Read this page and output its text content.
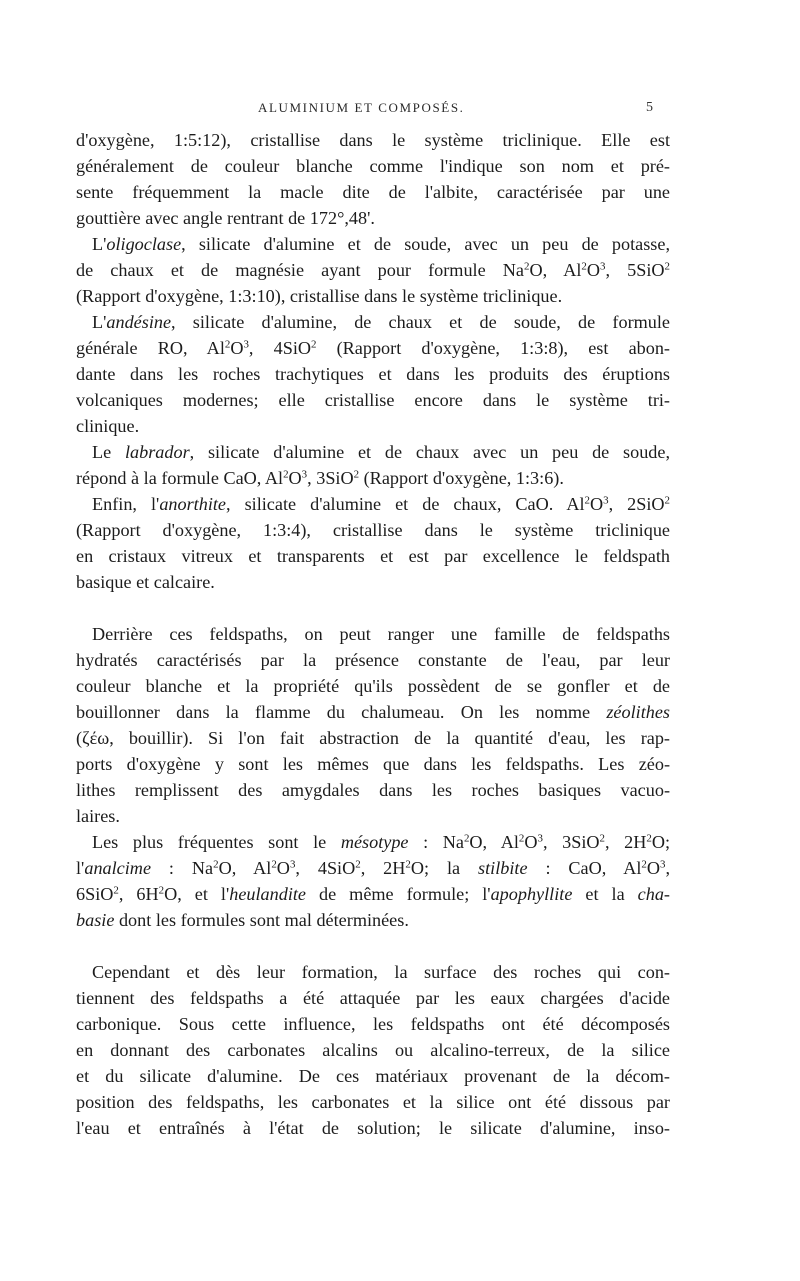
ALUMINIUM ET COMPOSÉS.	5
d'oxygène, 1:5:12), cristallise dans le système triclinique. Elle est
généralement de couleur blanche comme l'indique son nom et pré-
sente fréquemment la macle dite de l'albite, caractérisée par une
gouttière avec angle rentrant de 172°,48'.
L'oligoclase, silicate d'alumine et de soude, avec un peu de potasse,
de chaux et de magnésie ayant pour formule Na$^2$O, $Al^2O^3$, 5SiO$^2$
(Rapport d'oxygène, 1:3:10), cristallise dans le système triclinique.
L'andésine, silicate d'alumine, de chaux et de soude, de formule
générale RO, $Al^2O^3$, 4SiO$^2$ (Rapport d'oxygène, 1:3:8), est abon-
dante dans les roches trachytiques et dans les produits des éruptions
volcaniques modernes; elle cristallise encore dans le système tri-
clinique.
Le labrador, silicate d'alumine et de chaux avec un peu de soude,
répond à la formule CaO, $Al^2O^3$, 3SiO$^2$ (Rapport d'oxygène, 1:3:6).
Enfin, l'anorthite, silicate d'alumine et de chaux, CaO. $Al^2O^3$, 2SiO$^2$
(Rapport d'oxygène, 1:3:4), cristallise dans le système triclinique
en cristaux vitreux et transparents et est par excellence le feldspath
basique et calcaire.
Derrière ces feldspaths, on peut ranger une famille de feldspaths
hydratés caractérisés par la présence constante de l'eau, par leur
couleur blanche et la propriété qu'ils possèdent de se gonfler et de
bouillonner dans la flamme du chalumeau. On les nomme zéolithes
(ζέω, bouillir). Si l'on fait abstraction de la quantité d'eau, les rap-
ports d'oxygène y sont les mêmes que dans les feldspaths. Les zéo-
lithes remplissent des amygdales dans les roches basiques vacuo-
laires.
Les plus fréquentes sont le mésotype : Na$^2$O, $Al^2O^3$, 3SiO$^2$, $2H^2O$;
l'analcime : Na$^2$O, $Al^2O^3$, 4SiO$^2$, $2H^2O$; la stilbite : CaO, $Al^2O^3$,
6SiO$^2$, $6H^2O$, et l'heulandite de même formule; l'apophyllite et la cha-
basie dont les formules sont mal déterminées.
Cependant et dès leur formation, la surface des roches qui con-
tiennent des feldspaths a été attaquée par les eaux chargées d'acide
carbonique. Sous cette influence, les feldspaths ont été décomposés
en donnant des carbonates alcalins ou alcalino-terreux, de la silice
et du silicate d'alumine. De ces matériaux provenant de la décom-
position des feldspaths, les carbonates et la silice ont été dissous par
l'eau et entraînés à l'état de solution; le silicate d'alumine, inso-
